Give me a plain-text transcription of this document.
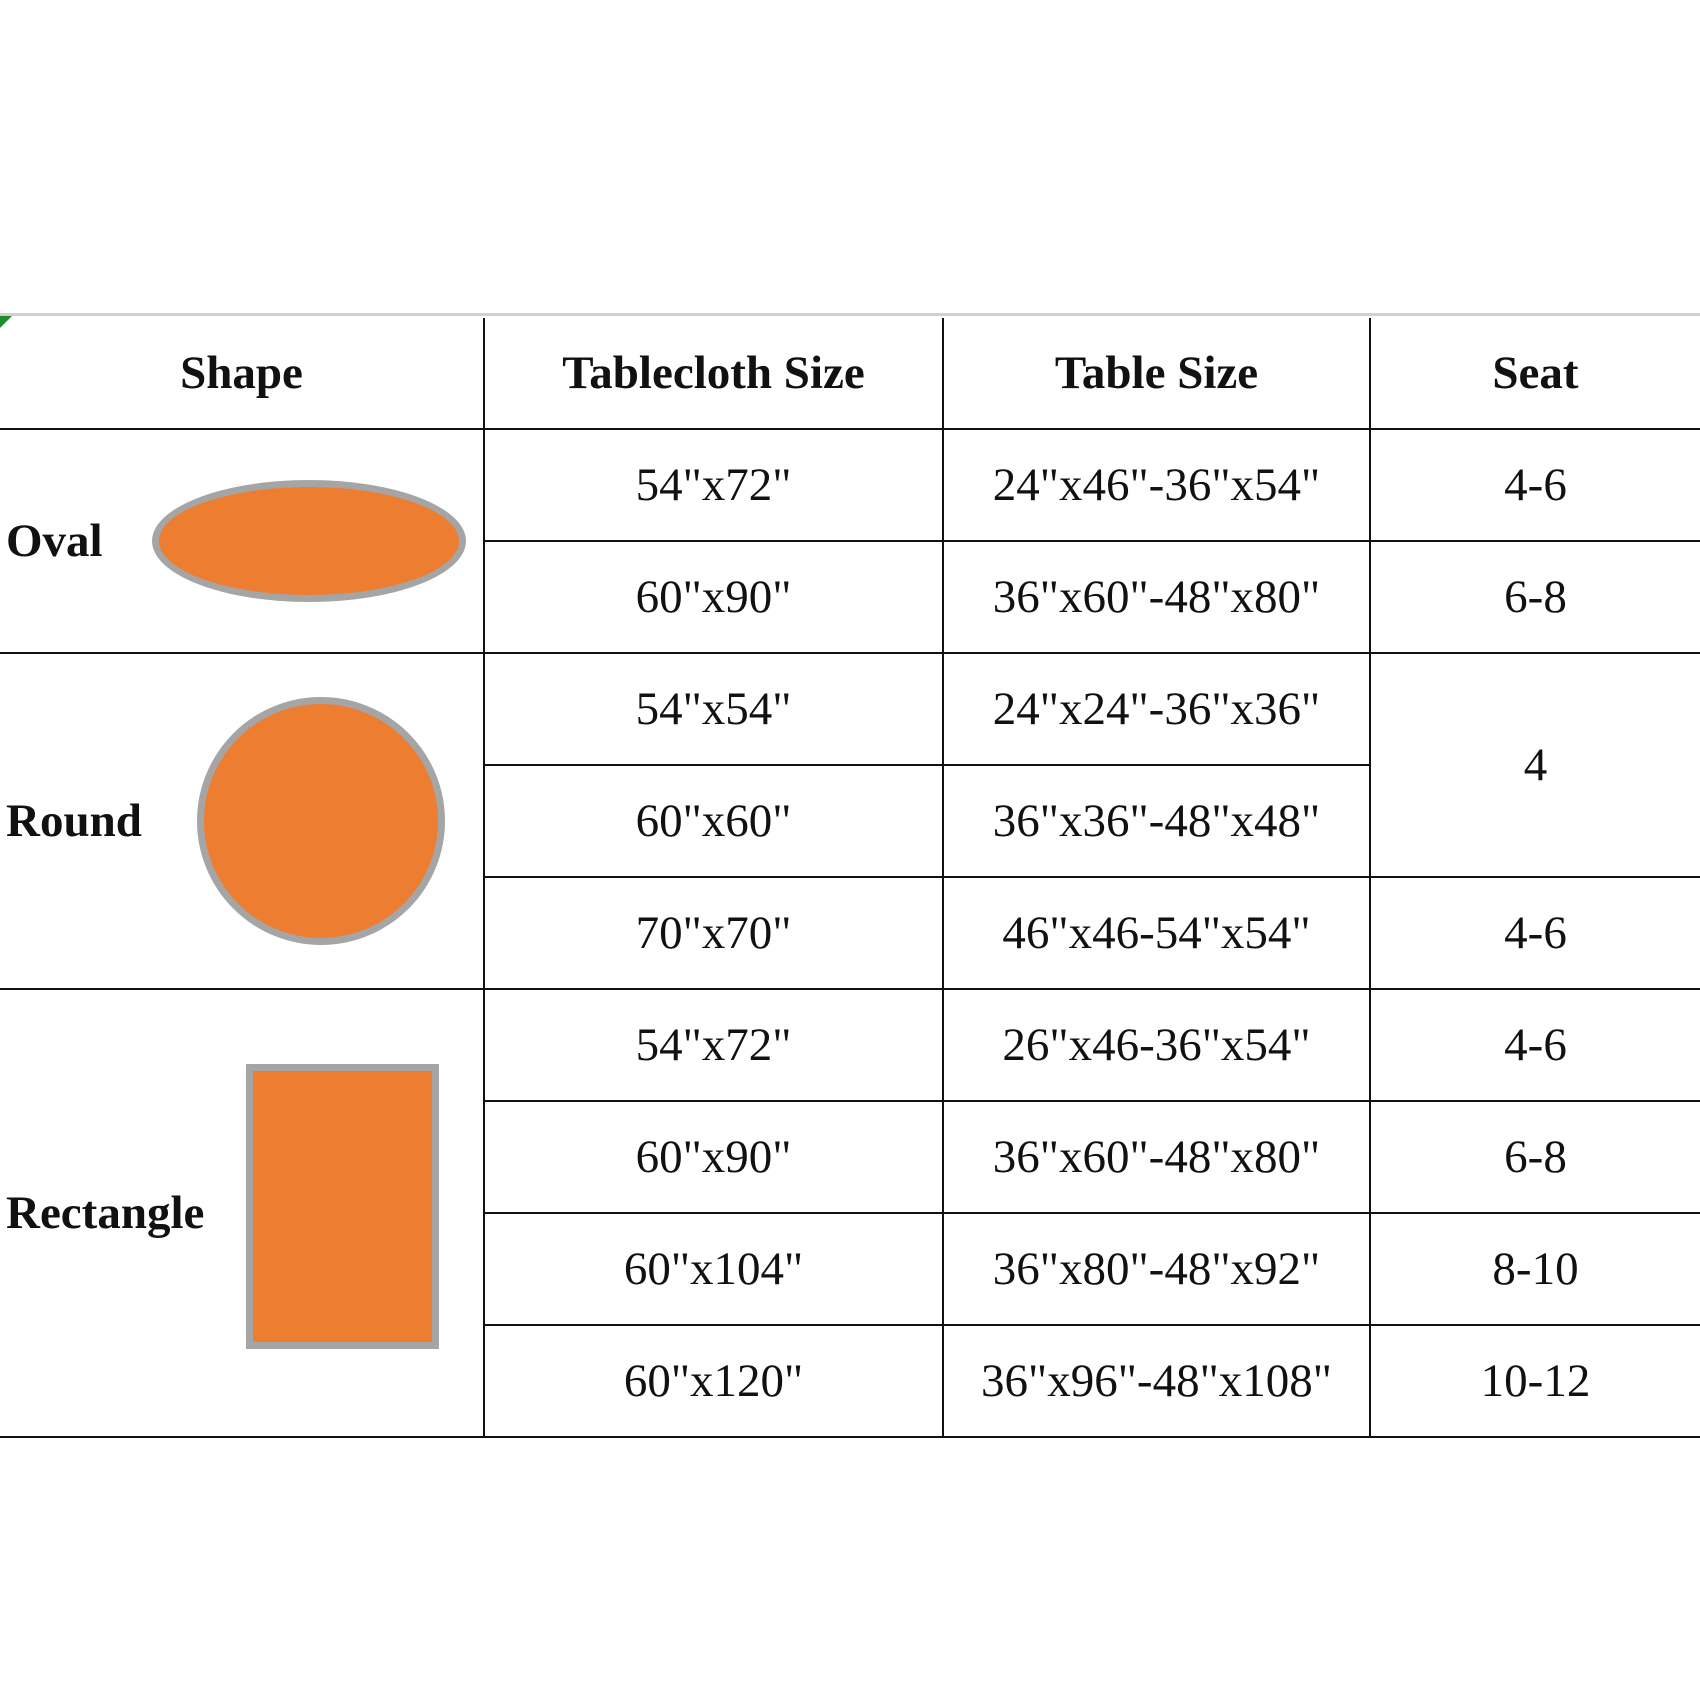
Shape	Tablecloth Size	Table Size	Seat

Oval	54"x72"	24"x46"-36"x54"	4-6
	60"x90"	36"x60"-48"x80"	6-8

Round	54"x54"	24"x24"-36"x36"	4
	60"x60"	36"x36"-48"x48"	
	70"x70"	46"x46-54"x54"	4-6

Rectangle	54"x72"	26"x46-36"x54"	4-6
	60"x90"	36"x60"-48"x80"	6-8
	60"x104"	36"x80"-48"x92"	8-10
	60"x120"	36"x96"-48"x108"	10-12
